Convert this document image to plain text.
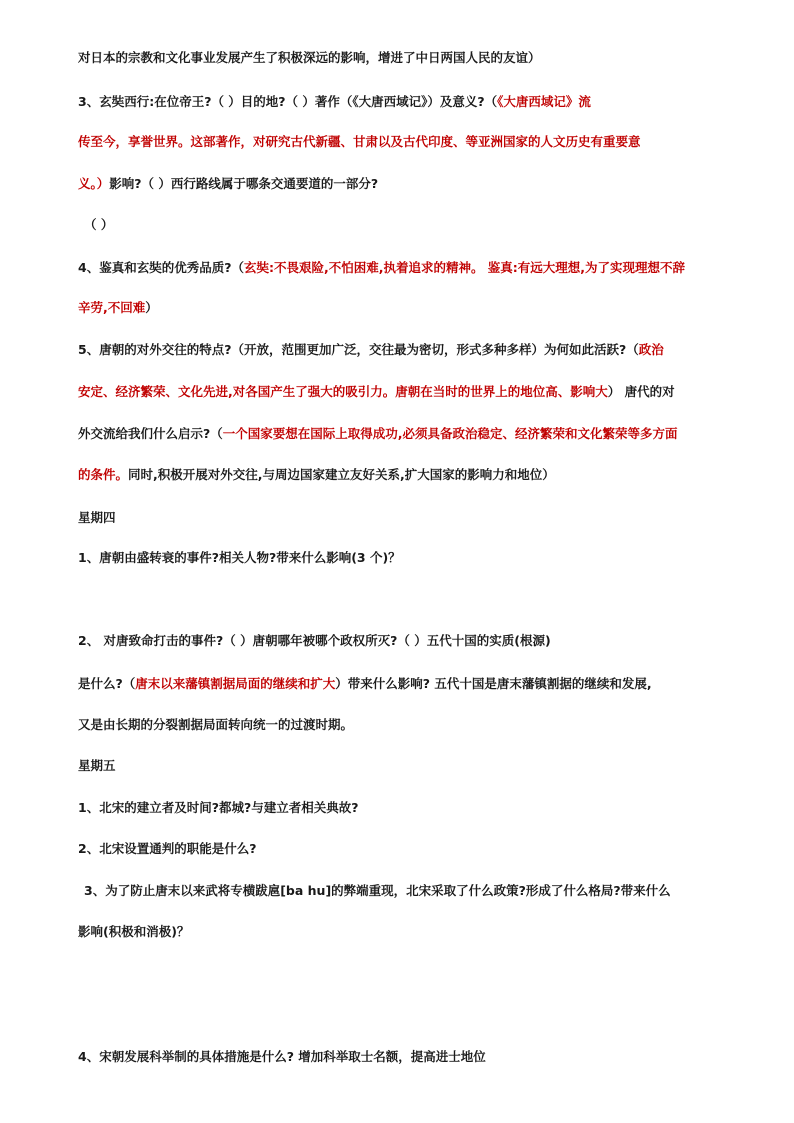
对日本的宗教和文化事业发展产生了积极深远的影响，增进了中日两国人民的友谊）
3、玄奘西行:在位帝王?（ ）目的地?（ ）著作（《大唐西域记》）及意义?（《大唐西域记》流
传至今，享誉世界。这部著作，对研究古代新疆、甘肃以及古代印度、等亚洲国家的人文历史有重要意
义。）影响?（ ）西行路线属于哪条交通要道的一部分?
（ ）
4、鉴真和玄奘的优秀品质?（玄奘:不畏艰险,不怕困难,执着追求的精神。 鉴真:有远大理想,为了实现理想不辞
辛劳,不回难）
5、唐朝的对外交往的特点?（开放，范围更加广泛，交往最为密切，形式多种多样）为何如此活跃?（政治
安定、经济繁荣、文化先进,对各国产生了强大的吸引力。唐朝在当时的世界上的地位高、影响大） 唐代的对
外交流给我们什么启示?（一个国家要想在国际上取得成功,必须具备政治稳定、经济繁荣和文化繁荣等多方面
的条件。同时,积极开展对外交往,与周边国家建立友好关系,扩大国家的影响力和地位）
星期四
1、唐朝由盛转衰的事件?相关人物?带来什么影响(3 个)？
2、 对唐致命打击的事件?（ ）唐朝哪年被哪个政权所灭?（ ）五代十国的实质(根源)
是什么?（唐末以来藩镇割据局面的继续和扩大）带来什么影响? 五代十国是唐末藩镇割据的继续和发展,
又是由长期的分裂割据局面转向统一的过渡时期。
星期五
1、北宋的建立者及时间?都城?与建立者相关典故?
2、北宋设置通判的职能是什么?
3、为了防止唐末以来武将专横跋扈[ba hu]的弊端重现，北宋采取了什么政策?形成了什么格局?带来什么
影响(积极和消极)？
4、宋朝发展科举制的具体措施是什么? 增加科举取士名额，提高进士地位
